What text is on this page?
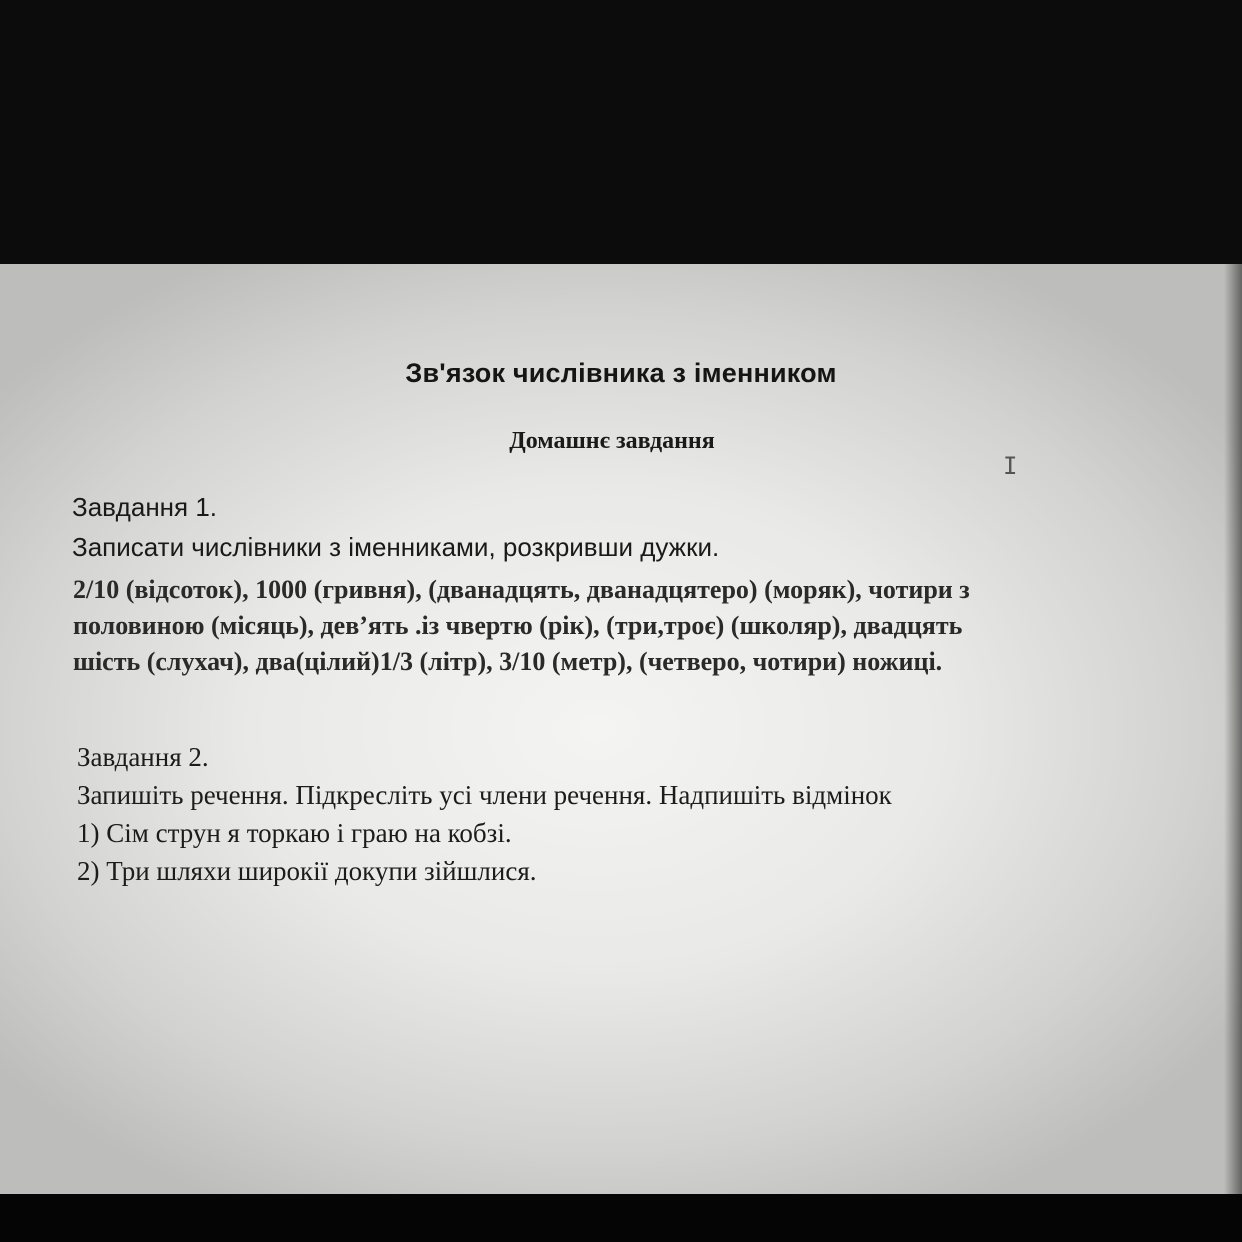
Зв'язок числівника з іменником
Домашнє завдання
I
Завдання 1.
Записати числівники з іменниками, розкривши дужки.
2/10 (відсоток), 1000 (гривня), (дванадцять, дванадцятеро) (моряк), чотири з
половиною (місяць), дев’ять .із чвертю (рік), (три,троє) (школяр), двадцять
шість (слухач), два(цілий)1/3 (літр), 3/10 (метр), (четверо, чотири) ножиці.
Завдання 2.
Запишіть речення. Підкресліть усі члени речення. Надпишіть відмінок
1) Сім струн я торкаю і граю на кобзі.
2) Три шляхи широкії докупи зійшлися.
